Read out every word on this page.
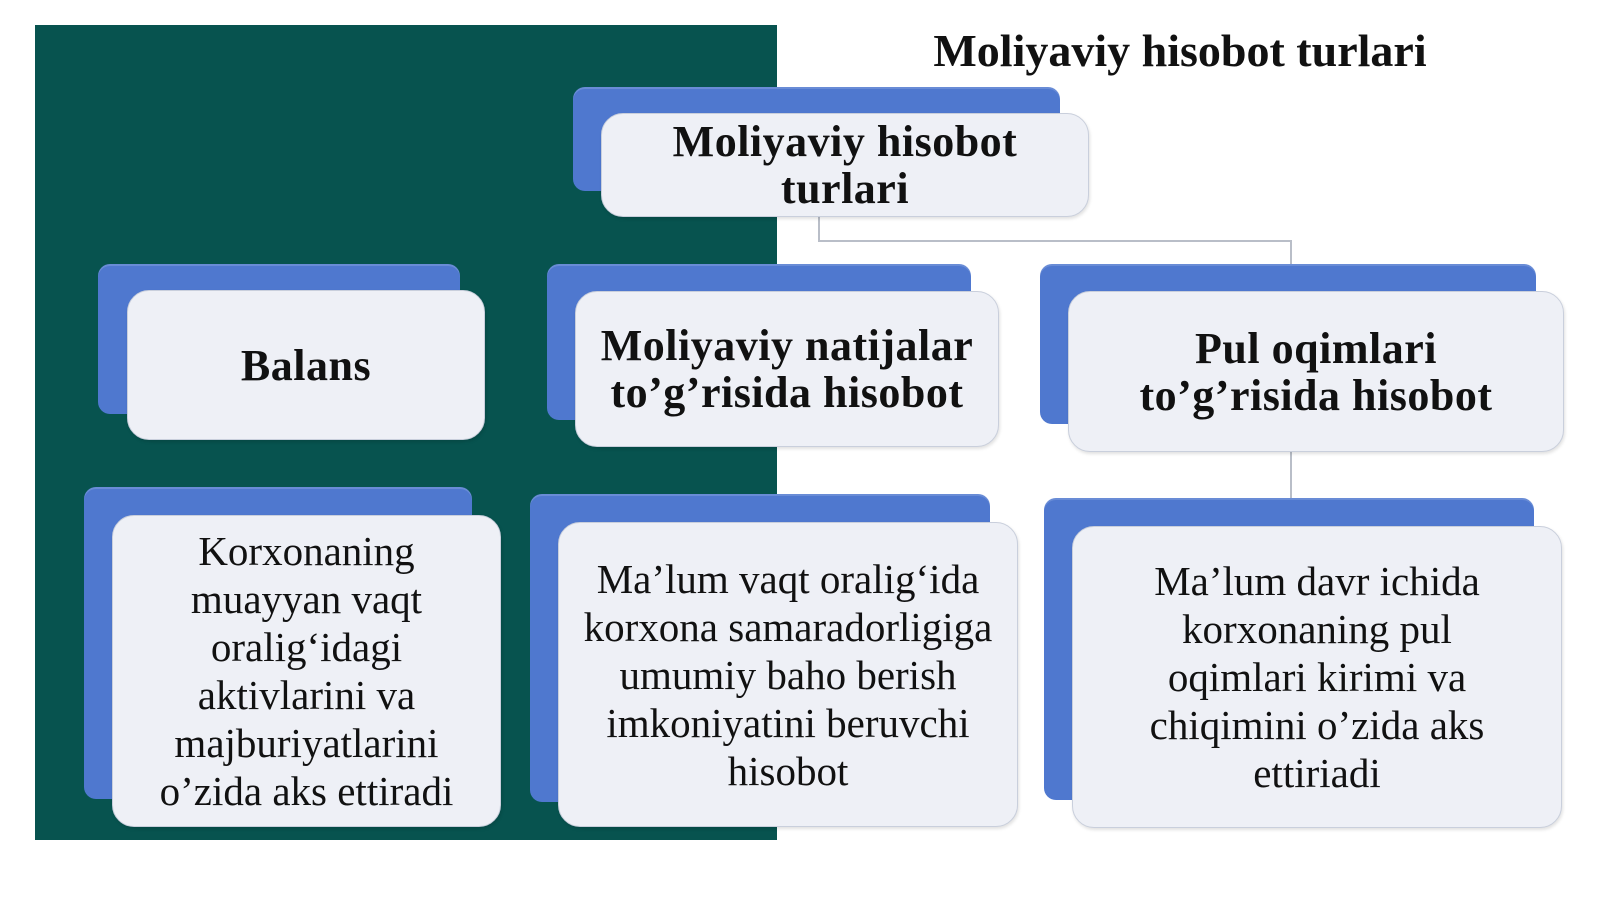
Moliyaviy hisobot turlari
Moliyaviy hisobot turlari
Balans	Moliyaviy natijalar to’g’risida hisobot
Pul oqimlari to’g’risida hisobot
Korxonaning muayyan vaqt oralig‘idagi aktivlarini va majburiyatlarini o’zida aks ettiradi
Ma’lum vaqt oralig‘ida korxona samaradorligiga umumiy baho berish imkoniyatini beruvchi hisobot
Ma’lum davr ichida korxonaning pul oqimlari kirimi va chiqimini o’zida aks ettiriadi
